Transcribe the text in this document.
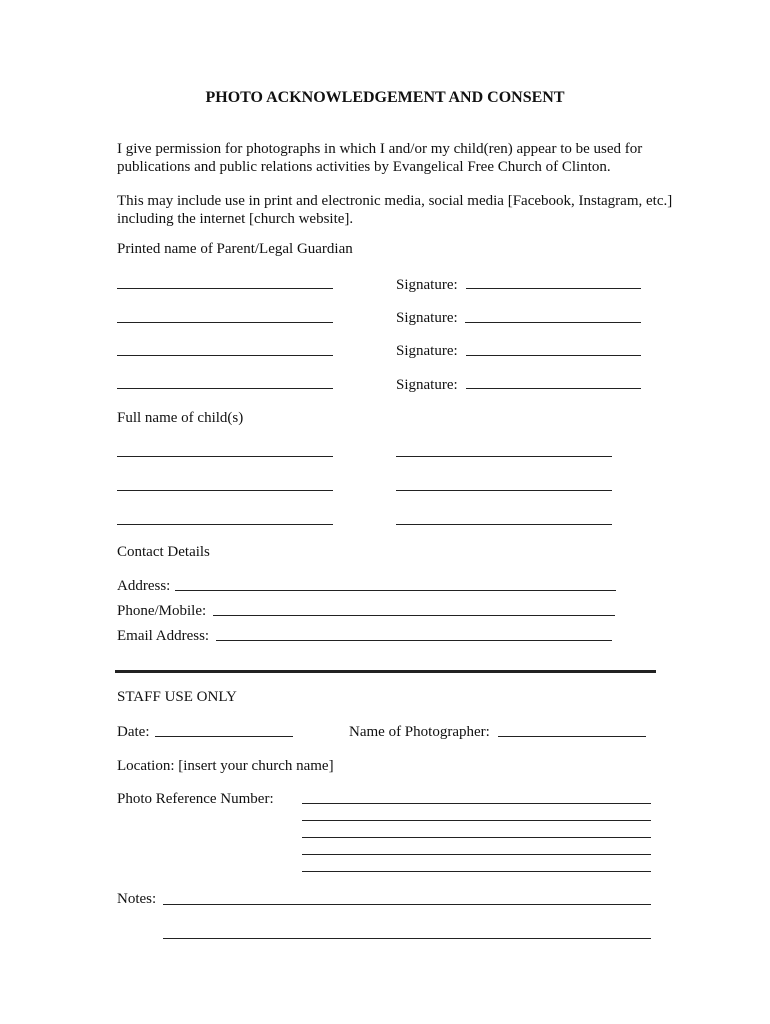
PHOTO ACKNOWLEDGEMENT AND CONSENT
I give permission for photographs in which I and/or my child(ren) appear to be used for publications and public relations activities by Evangelical Free Church of Clinton.
This may include use in print and electronic media, social media [Facebook, Instagram, etc.] including the internet [church website].
Printed name of Parent/Legal Guardian
Signature:
Signature:
Signature:
Signature:
Full name of child(s)
Contact Details
Address:
Phone/Mobile:
Email Address:
STAFF USE ONLY
Date:	Name of Photographer:
Location: [insert your church name]
Photo Reference Number:
Notes:
